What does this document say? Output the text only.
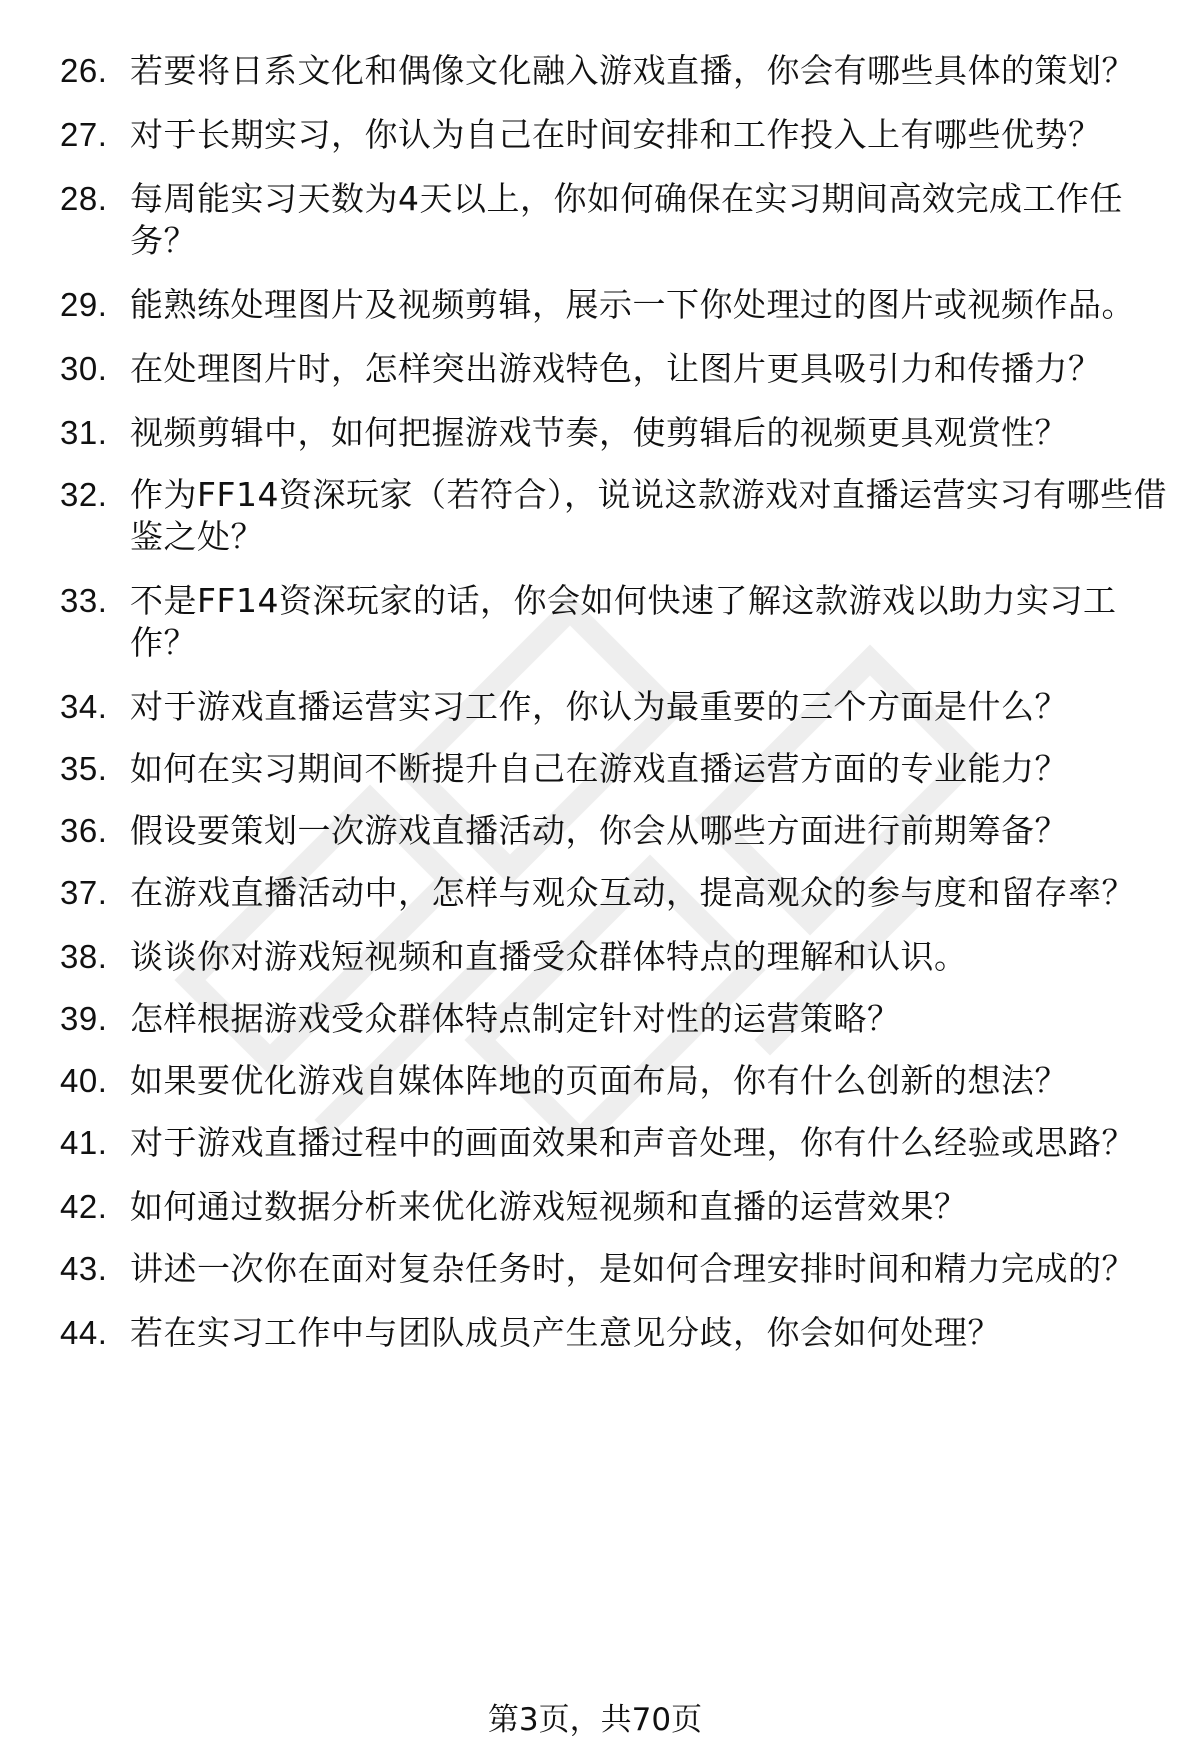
26. 若要将日系文化和偶像文化融入游戏直播，你会有哪些具体的策划？
27. 对于长期实习，你认为自己在时间安排和工作投入上有哪些优势？
28. 每周能实习天数为4天以上，你如何确保在实习期间高效完成工作任务？
29. 能熟练处理图片及视频剪辑，展示一下你处理过的图片或视频作品。
30. 在处理图片时，怎样突出游戏特色，让图片更具吸引力和传播力？
31. 视频剪辑中，如何把握游戏节奏，使剪辑后的视频更具观赏性？
32. 作为FF14资深玩家（若符合），说说这款游戏对直播运营实习有哪些借鉴之处？
33. 不是FF14资深玩家的话，你会如何快速了解这款游戏以助力实习工作？
34. 对于游戏直播运营实习工作，你认为最重要的三个方面是什么？
35. 如何在实习期间不断提升自己在游戏直播运营方面的专业能力？
36. 假设要策划一次游戏直播活动，你会从哪些方面进行前期筹备？
37. 在游戏直播活动中，怎样与观众互动，提高观众的参与度和留存率？
38. 谈谈你对游戏短视频和直播受众群体特点的理解和认识。
39. 怎样根据游戏受众群体特点制定针对性的运营策略？
40. 如果要优化游戏自媒体阵地的页面布局，你有什么创新的想法？
41. 对于游戏直播过程中的画面效果和声音处理，你有什么经验或思路？
42. 如何通过数据分析来优化游戏短视频和直播的运营效果？
43. 讲述一次你在面对复杂任务时，是如何合理安排时间和精力完成的？
44. 若在实习工作中与团队成员产生意见分歧，你会如何处理？
第3页，共70页
